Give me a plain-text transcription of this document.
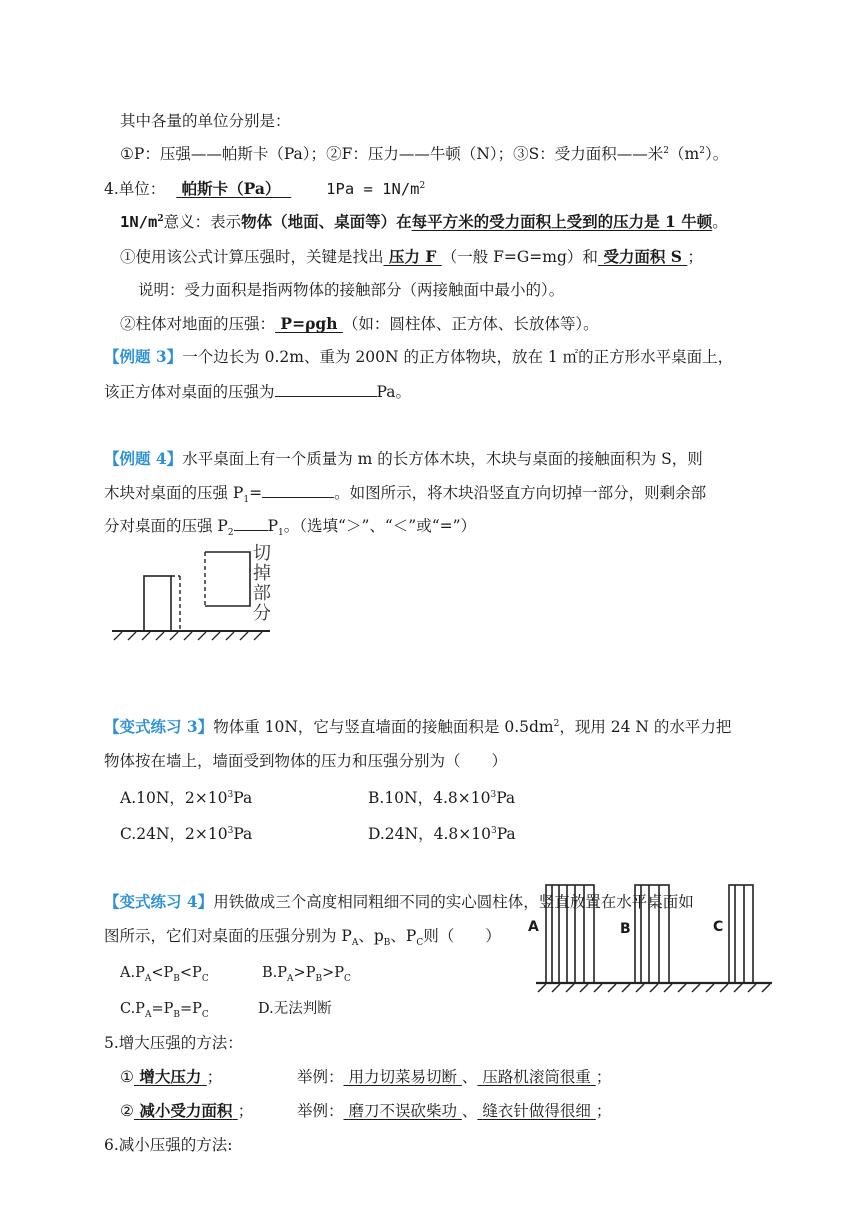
其中各量的单位分别是：
①P：压强——帕斯卡（Pa）；②F：压力——牛顿（N）；③S：受力面积——米$^2(m^2)$。
4.单位： 帕斯卡（Pa）	$1Pa = 1N/m^2$
$1N/m^2$意义：表示物体（地面、桌面等）在每平方米的受力面积上受到的压力是 1 牛顿。
①使用该公式计算压强时，关键是找出 压力 F （一般 F=G=mg）和 受力面积 S ；
说明：受力面积是指两物体的接触部分（两接触面中最小的）。
②柱体对地面的压强： P=ρgh （如：圆柱体、正方体、长放体等）。
【例题 3】一个边长为 0.2m、重为 200N 的正方体物块，放在 1 ㎡的正方形水平桌面上，
该正方体对桌面的压强为	Pa。
【例题 4】水平桌面上有一个质量为 m 的长方体木块，木块与桌面的接触面积为 S，则
木块对桌面的压强 $P_1=$	。如图所示，将木块沿竖直方向切掉一部分，则剩余部
分对桌面的压强 $P_2$ $P_1$。（选填“＞”、“＜”或“=”）
切掉部分
【变式练习 3】物体重 10N，它与竖直墙面的接触面积是 $0.5dm^2$，现用 24 N 的水平力把
物体按在墙上，墙面受到物体的压力和压强分别为（　　）
A.10N，$2\times 10^3Pa$	B.10N，$4.8\times 10^3Pa$
C.24N，$2\times 10^3Pa$	D.24N，$4.8\times 10^3Pa$
【变式练习 4】用铁做成三个高度相同粗细不同的实心圆柱体，竖直放置在水平桌面如
图所示，它们对桌面的压强分别为 $P_A$、$p_B$、$P_C$则（　　）
$A.P_A<P_B<P_C$	$B.P_A>P_B>P_C$
$C.P_A=P_B=P_C$	D.无法判断
A	B	C
5.增大压强的方法：
① 增大压力 ；	举例： 用力切菜易切断 、 压路机滚筒很重 ；
② 减小受力面积 ；	举例： 磨刀不误砍柴功 、 缝衣针做得很细 ；
6.减小压强的方法:
